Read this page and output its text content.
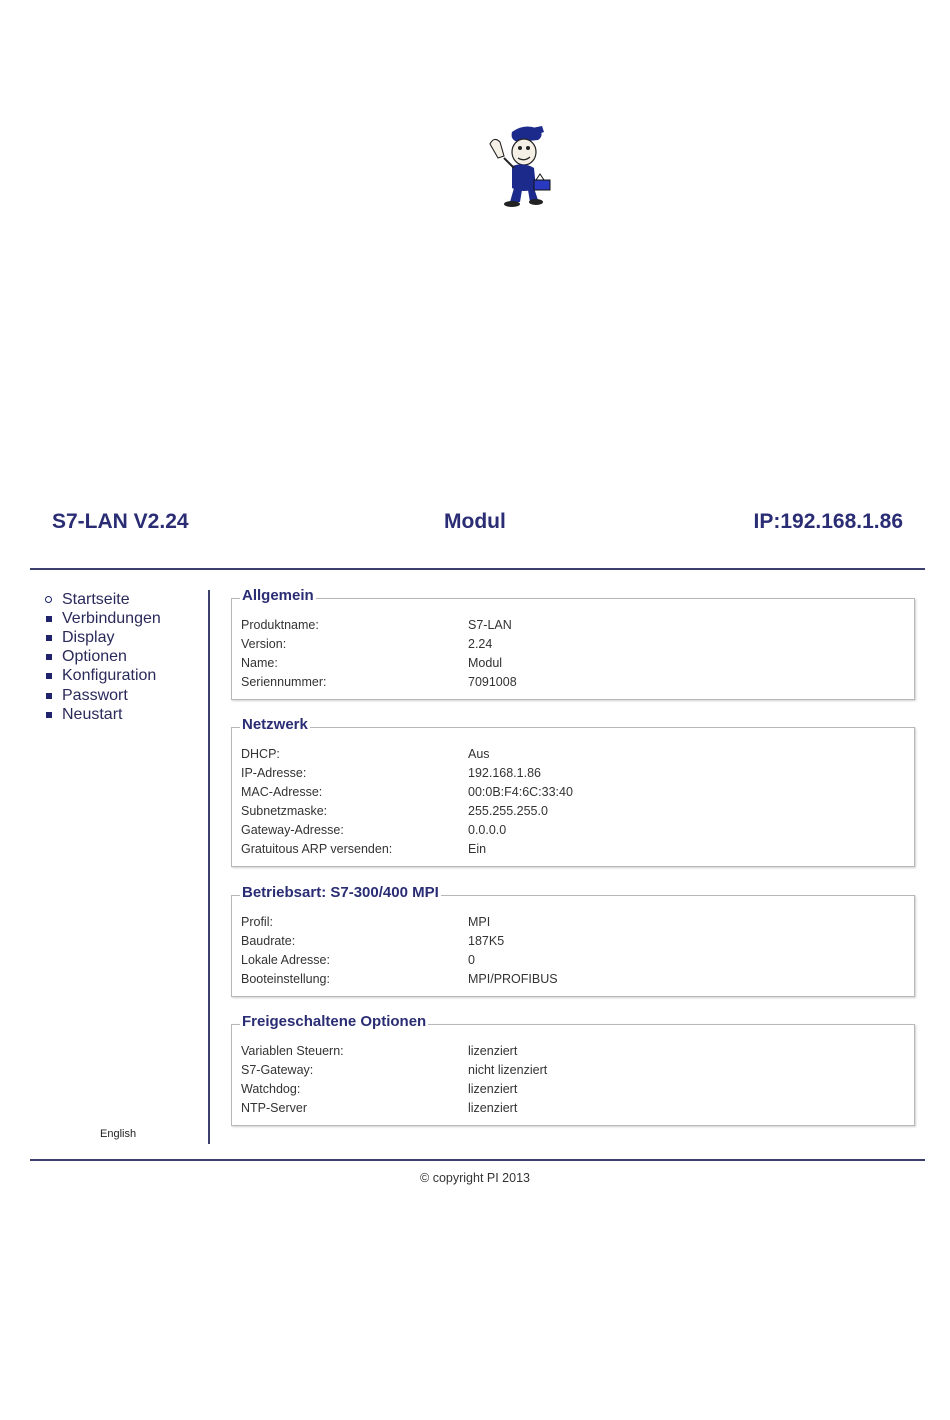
S7-LAN V2.24	Modul	IP:192.168.1.86
Startseite
Verbindungen
Display
Optionen
Konfiguration
Passwort
Neustart
English
Allgemein
Produktname:	S7-LAN
Version:	2.24
Name:	Modul
Seriennummer:	7091008
Netzwerk
DHCP:	Aus
IP-Adresse:	192.168.1.86
MAC-Adresse:	00:0B:F4:6C:33:40
Subnetzmaske:	255.255.255.0
Gateway-Adresse:	0.0.0.0
Gratuitous ARP versenden:	Ein
Betriebsart: S7-300/400 MPI
Profil:	MPI
Baudrate:	187K5
Lokale Adresse:	0
Booteinstellung:	MPI/PROFIBUS
Freigeschaltene Optionen
Variablen Steuern:	lizenziert
S7-Gateway:	nicht lizenziert
Watchdog:	lizenziert
NTP-Server	lizenziert
© copyright PI 2013
